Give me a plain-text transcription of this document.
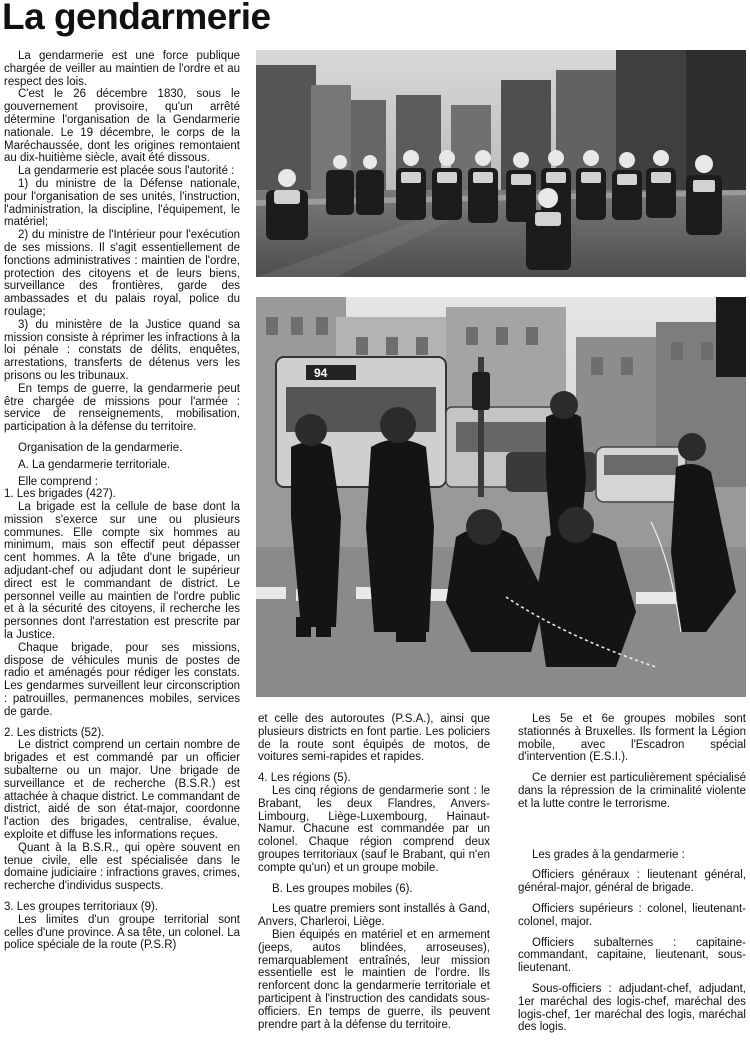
La gendarmerie

La gendarmerie est une force publique chargée de veiller au maintien de l'ordre et au respect des lois.

C'est le 26 décembre 1830, sous le gouvernement provisoire, qu'un arrêté détermine l'organisation de la Gendarmerie nationale. Le 19 décembre, le corps de la Maréchaussée, dont les origines remontaient au dix-huitième siècle, avait été dissous.

La gendarmerie est placée sous l'autorité :

1) du ministre de la Défense nationale, pour l'organisation de ses unités, l'instruction, l'administration, la discipline, l'équipement, le matériel;

2) du ministre de l'Intérieur pour l'exécution de ses missions. Il s'agit essentiellement de fonctions administratives : maintien de l'ordre, protection des citoyens et de leurs biens, surveillance des frontières, garde des ambassades et du palais royal, police du roulage;

3) du ministère de la Justice quand sa mission consiste à réprimer les infractions à la loi pénale : constats de délits, enquêtes, arrestations, transferts de détenus vers les prisons ou les tribunaux.

En temps de guerre, la gendarmerie peut être chargée de missions pour l'armée : service de renseignements, mobilisation, participation à la défense du territoire.

Organisation de la gendarmerie.

A. La gendarmerie territoriale.

Elle comprend :

1. Les brigades (427).

La brigade est la cellule de base dont la mission s'exerce sur une ou plusieurs communes. Elle compte six hommes au minimum, mais son effectif peut dépasser cent hommes. A la tête d'une brigade, un adjudant-chef ou adjudant dont le supérieur direct est le commandant de district. Le personnel veille au maintien de l'ordre public et à la sécurité des citoyens, il recherche les personnes dont l'arrestation est prescrite par la Justice.

Chaque brigade, pour ses missions, dispose de véhicules munis de postes de radio et aménagés pour rédiger les constats. Les gendarmes surveillent leur circonscription : patrouilles, permanences mobiles, services de garde.

2. Les districts (52).

Le district comprend un certain nombre de brigades et est commandé par un officier subalterne ou un major. Une brigade de surveillance et de recherche (B.S.R.) est attachée à chaque district. Le commandant de district, aidé de son état-major, coordonne l'action des brigades, centralise, évalue, exploite et diffuse les informations reçues.

Quant à la B.S.R., qui opère souvent en tenue civile, elle est spécialisée dans le domaine judiciaire : infractions graves, crimes, recherche d'individus suspects.

3. Les groupes territoriaux (9).

Les limites d'un groupe territorial sont celles d'une province. A sa tête, un colonel. La police spéciale de la route (P.S.R)

et celle des autoroutes (P.S.A.), ainsi que plusieurs districts en font partie. Les policiers de la route sont équipés de motos, de voitures semi-rapides et rapides.

4. Les régions (5).

Les cinq régions de gendarmerie sont : le Brabant, les deux Flandres, Anvers-Limbourg, Liège-Luxembourg, Hainaut-Namur. Chacune est commandée par un colonel. Chaque région comprend deux groupes territoriaux (sauf le Brabant, qui n'en compte qu'un) et un groupe mobile.

B. Les groupes mobiles (6).

Les quatre premiers sont installés à Gand, Anvers, Charleroi, Liège.

Bien équipés en matériel et en armement (jeeps, autos blindées, arroseuses), remarquablement entraînés, leur mission essentielle est le maintien de l'ordre. Ils renforcent donc la gendarmerie territoriale et participent à l'instruction des candidats sous-officiers. En temps de guerre, ils peuvent prendre part à la défense du territoire.

Les 5e et 6e groupes mobiles sont stationnés à Bruxelles. Ils forment la Légion mobile, avec l'Escadron spécial d'intervention (E.S.I.).

Ce dernier est particulièrement spécialisé dans la répression de la criminalité violente et la lutte contre le terrorisme.

Les grades à la gendarmerie :

Officiers généraux : lieutenant général, général-major, général de brigade.

Officiers supérieurs : colonel, lieutenant-colonel, major.

Officiers subalternes : capitaine-commandant, capitaine, lieutenant, sous-lieutenant.

Sous-officiers : adjudant-chef, adjudant, 1er maréchal des logis-chef, maréchal des logis-chef, 1er maréchal des logis, maréchal des logis.

94
